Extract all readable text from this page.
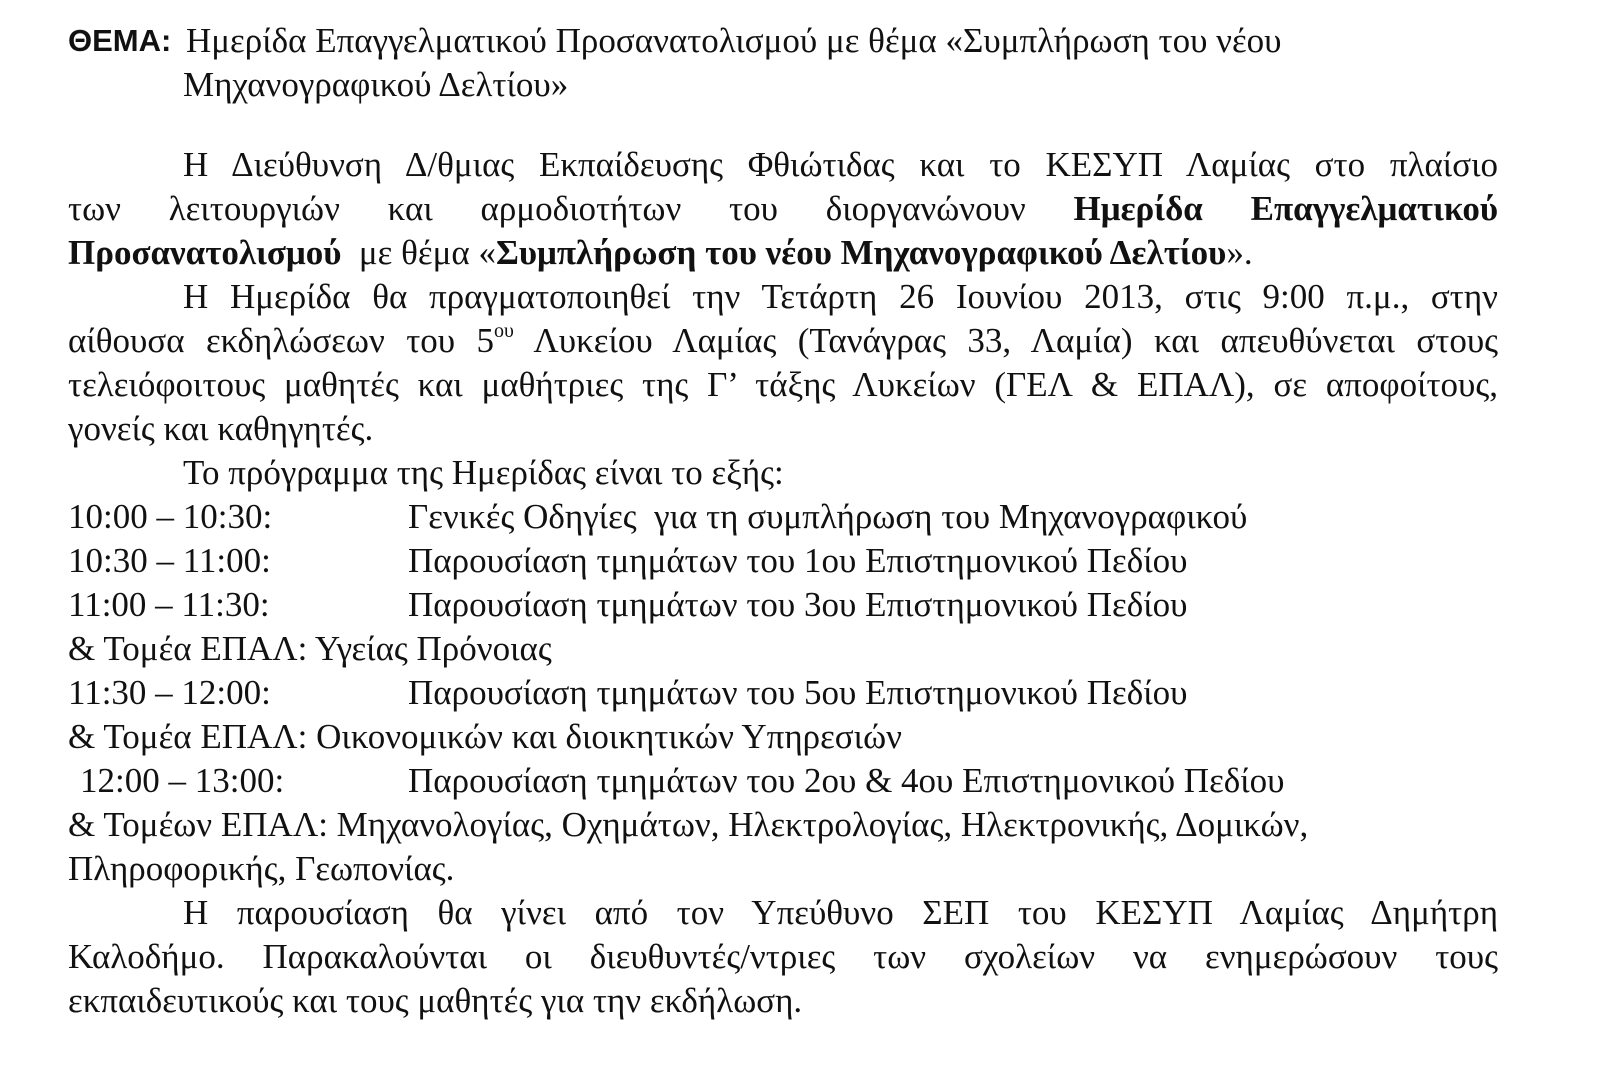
ΘΕΜΑ: Ημερίδα Επαγγελματικού Προσανατολισμού με θέμα «Συμπλήρωση του νέου
Μηχανογραφικού Δελτίου»
Η Διεύθυνση Δ/θμιας Εκπαίδευσης Φθιώτιδας και το ΚΕΣΥΠ Λαμίας στο πλαίσιο
των λειτουργιών και αρμοδιοτήτων του διοργανώνουν Ημερίδα Επαγγελματικού
Προσανατολισμού  με θέμα «Συμπλήρωση του νέου Μηχανογραφικού Δελτίου».
Η Ημερίδα θα πραγματοποιηθεί την Τετάρτη 26 Ιουνίου 2013, στις 9:00 π.μ., στην
αίθουσα εκδηλώσεων του $5^{o\upsilon}$ Λυκείου Λαμίας (Τανάγρας 33, Λαμία) και απευθύνεται στους
τελειόφοιτους μαθητές και μαθήτριες της Γ’ τάξης Λυκείων (ΓΕΛ & ΕΠΑΛ), σε αποφοίτους,
γονείς και καθηγητές.
Το πρόγραμμα της Ημερίδας είναι το εξής:
10:00 – 10:30:	Γενικές Οδηγίες  για τη συμπλήρωση του Μηχανογραφικού
10:30 – 11:00:	Παρουσίαση τμημάτων του 1ου Επιστημονικού Πεδίου
11:00 – 11:30:	Παρουσίαση τμημάτων του 3ου Επιστημονικού Πεδίου
& Τομέα ΕΠΑΛ: Υγείας Πρόνοιας
11:30 – 12:00:	Παρουσίαση τμημάτων του 5ου Επιστημονικού Πεδίου
& Τομέα ΕΠΑΛ: Οικονομικών και διοικητικών Υπηρεσιών
12:00 – 13:00:	Παρουσίαση τμημάτων του 2ου & 4ου Επιστημονικού Πεδίου
& Τομέων ΕΠΑΛ: Μηχανολογίας, Οχημάτων, Ηλεκτρολογίας, Ηλεκτρονικής, Δομικών,
Πληροφορικής, Γεωπονίας.
Η παρουσίαση θα γίνει από τον Υπεύθυνο ΣΕΠ του ΚΕΣΥΠ Λαμίας Δημήτρη
Καλοδήμο. Παρακαλούνται οι διευθυντές/ντριες των σχολείων να ενημερώσουν τους
εκπαιδευτικούς και τους μαθητές για την εκδήλωση.
